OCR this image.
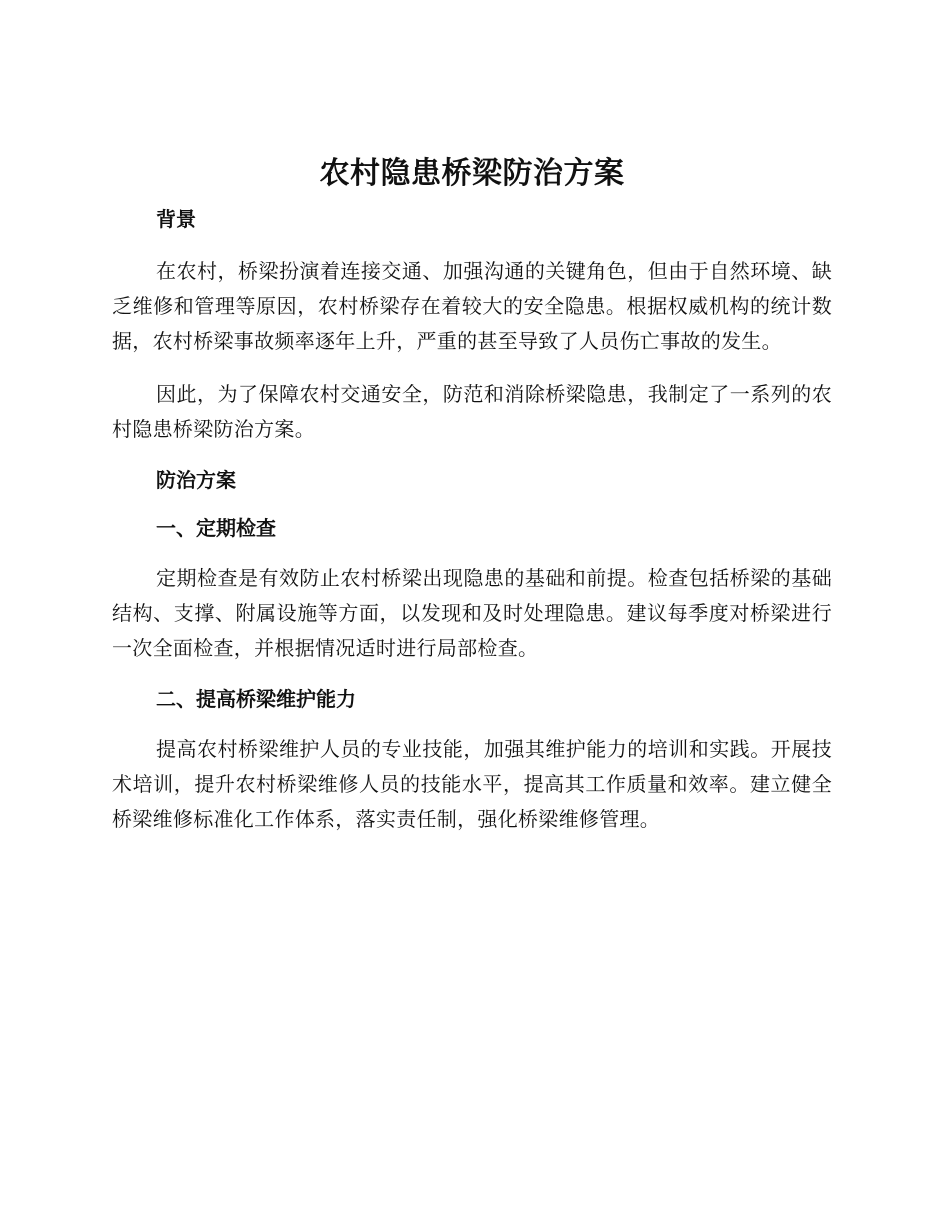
农村隐患桥梁防治方案
背景

在农村，桥梁扮演着连接交通、加强沟通的关键角色，但由于自然环境、缺乏维修和管理等原因，农村桥梁存在着较大的安全隐患。根据权威机构的统计数据，农村桥梁事故频率逐年上升，严重的甚至导致了人员伤亡事故的发生。

因此，为了保障农村交通安全，防范和消除桥梁隐患，我制定了一系列的农村隐患桥梁防治方案。

防治方案
一、定期检查

定期检查是有效防止农村桥梁出现隐患的基础和前提。检查包括桥梁的基础结构、支撑、附属设施等方面，以发现和及时处理隐患。建议每季度对桥梁进行一次全面检查，并根据情况适时进行局部检查。

二、提高桥梁维护能力

提高农村桥梁维护人员的专业技能，加强其维护能力的培训和实践。开展技术培训，提升农村桥梁维修人员的技能水平，提高其工作质量和效率。建立健全桥梁维修标准化工作体系，落实责任制，强化桥梁维修管理。
